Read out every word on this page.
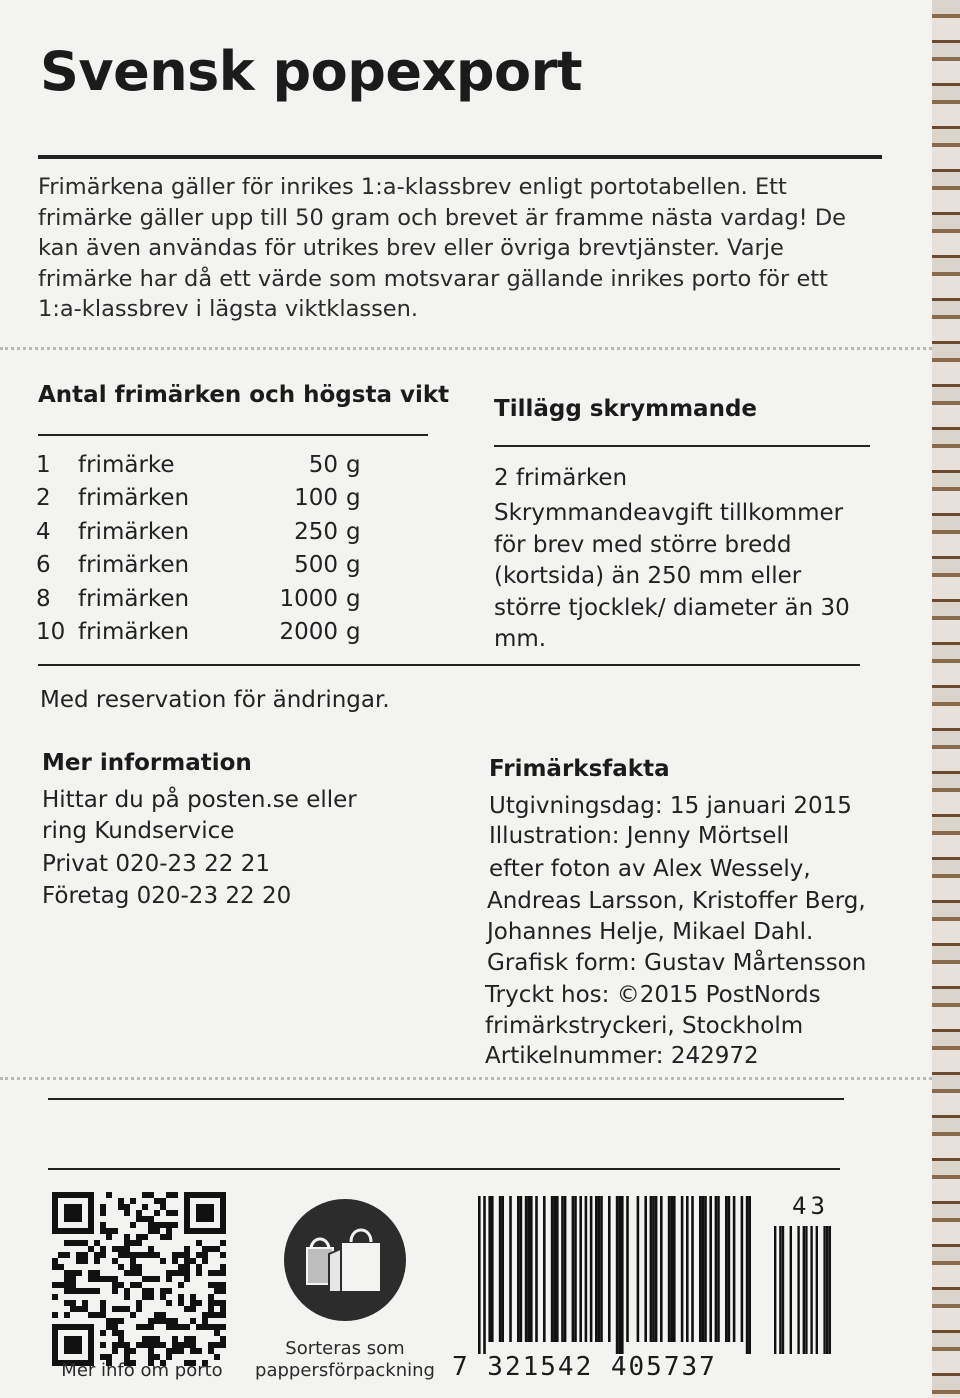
Svensk popexport
Frimärkena gäller för inrikes 1:a-klassbrev enligt portotabellen. Ett frimärke gäller upp till 50 gram och brevet är framme nästa vardag! De kan även användas för utrikes brev eller övriga brevtjänster. Varje frimärke har då ett värde som motsvarar gällande inrikes porto för ett 1:a-klassbrev i lägsta viktklassen.
Antal frimärken och högsta vikt
1	frimärke	50	g
2	frimärken	100	g
4	frimärken	250	g
6	frimärken	500	g
8	frimärken	1000	g
10	frimärken	2000	g
Tillägg skrymmande
2 frimärken
Skrymmandeavgift tillkommer för brev med större bredd (kortsida) än 250 mm eller större tjocklek/ diameter än 30 mm.
Med reservation för ändringar.
Mer information
Hittar du på posten.se eller
ring Kundservice
Privat 020-23 22 21
Företag 020-23 22 20
Frimärksfakta
Utgivningsdag: 15 januari 2015
Illustration: Jenny Mörtsell
efter foton av Alex Wessely,
Andreas Larsson, Kristoffer Berg,
Johannes Helje, Mikael Dahl.
Grafisk form: Gustav Mårtensson
Tryckt hos: ©2015 PostNords
frimärkstryckeri, Stockholm
Artikelnummer: 242972
Mer info om porto
Sorteras som
pappersförpackning 7 321542 405737
43
